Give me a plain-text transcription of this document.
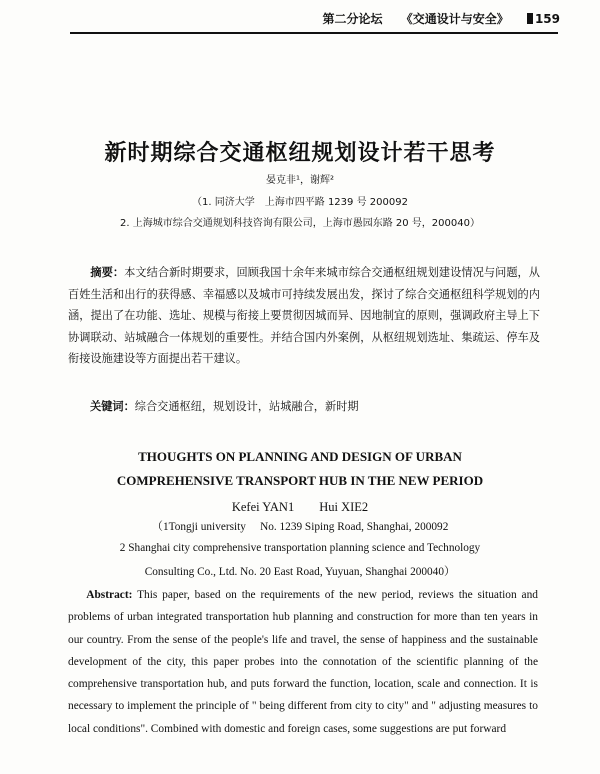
第二分论坛 《交通设计与安全》 159
新时期综合交通枢纽规划设计若干思考
晏克非¹，谢辉²
（1. 同济大学　上海市四平路 1239 号 200092
2. 上海城市综合交通规划科技咨询有限公司，上海市愚园东路 20 号，200040）
摘要：本文结合新时期要求，回顾我国十余年来城市综合交通枢纽规划建设情况与问题，从百姓生活和出行的获得感、幸福感以及城市可持续发展出发，探讨了综合交通枢纽科学规划的内涵，提出了在功能、选址、规模与衔接上要贯彻因城而异、因地制宜的原则，强调政府主导上下协调联动、站城融合一体规划的重要性。并结合国内外案例，从枢纽规划选址、集疏运、停车及衔接设施建设等方面提出若干建议。
关键词：综合交通枢纽，规划设计，站城融合，新时期
THOUGHTS ON PLANNING AND DESIGN OF URBAN
COMPREHENSIVE TRANSPORT HUB IN THE NEW PERIOD
Kefei YAN1　　Hui XIE2
（1Tongji university　 No. 1239 Siping Road, Shanghai, 200092
2 Shanghai city comprehensive transportation planning science and Technology
Consulting Co., Ltd. No. 20 East Road, Yuyuan, Shanghai 200040）
Abstract: This paper, based on the requirements of the new period, reviews the situation and problems of urban integrated transportation hub planning and construction for more than ten years in our country. From the sense of the people's life and travel, the sense of happiness and the sustainable development of the city, this paper probes into the connotation of the scientific planning of the comprehensive transportation hub, and puts forward the function, location, scale and connection. It is necessary to implement the principle of " being different from city to city" and " adjusting measures to local conditions". Combined with domestic and foreign cases, some suggestions are put forward
